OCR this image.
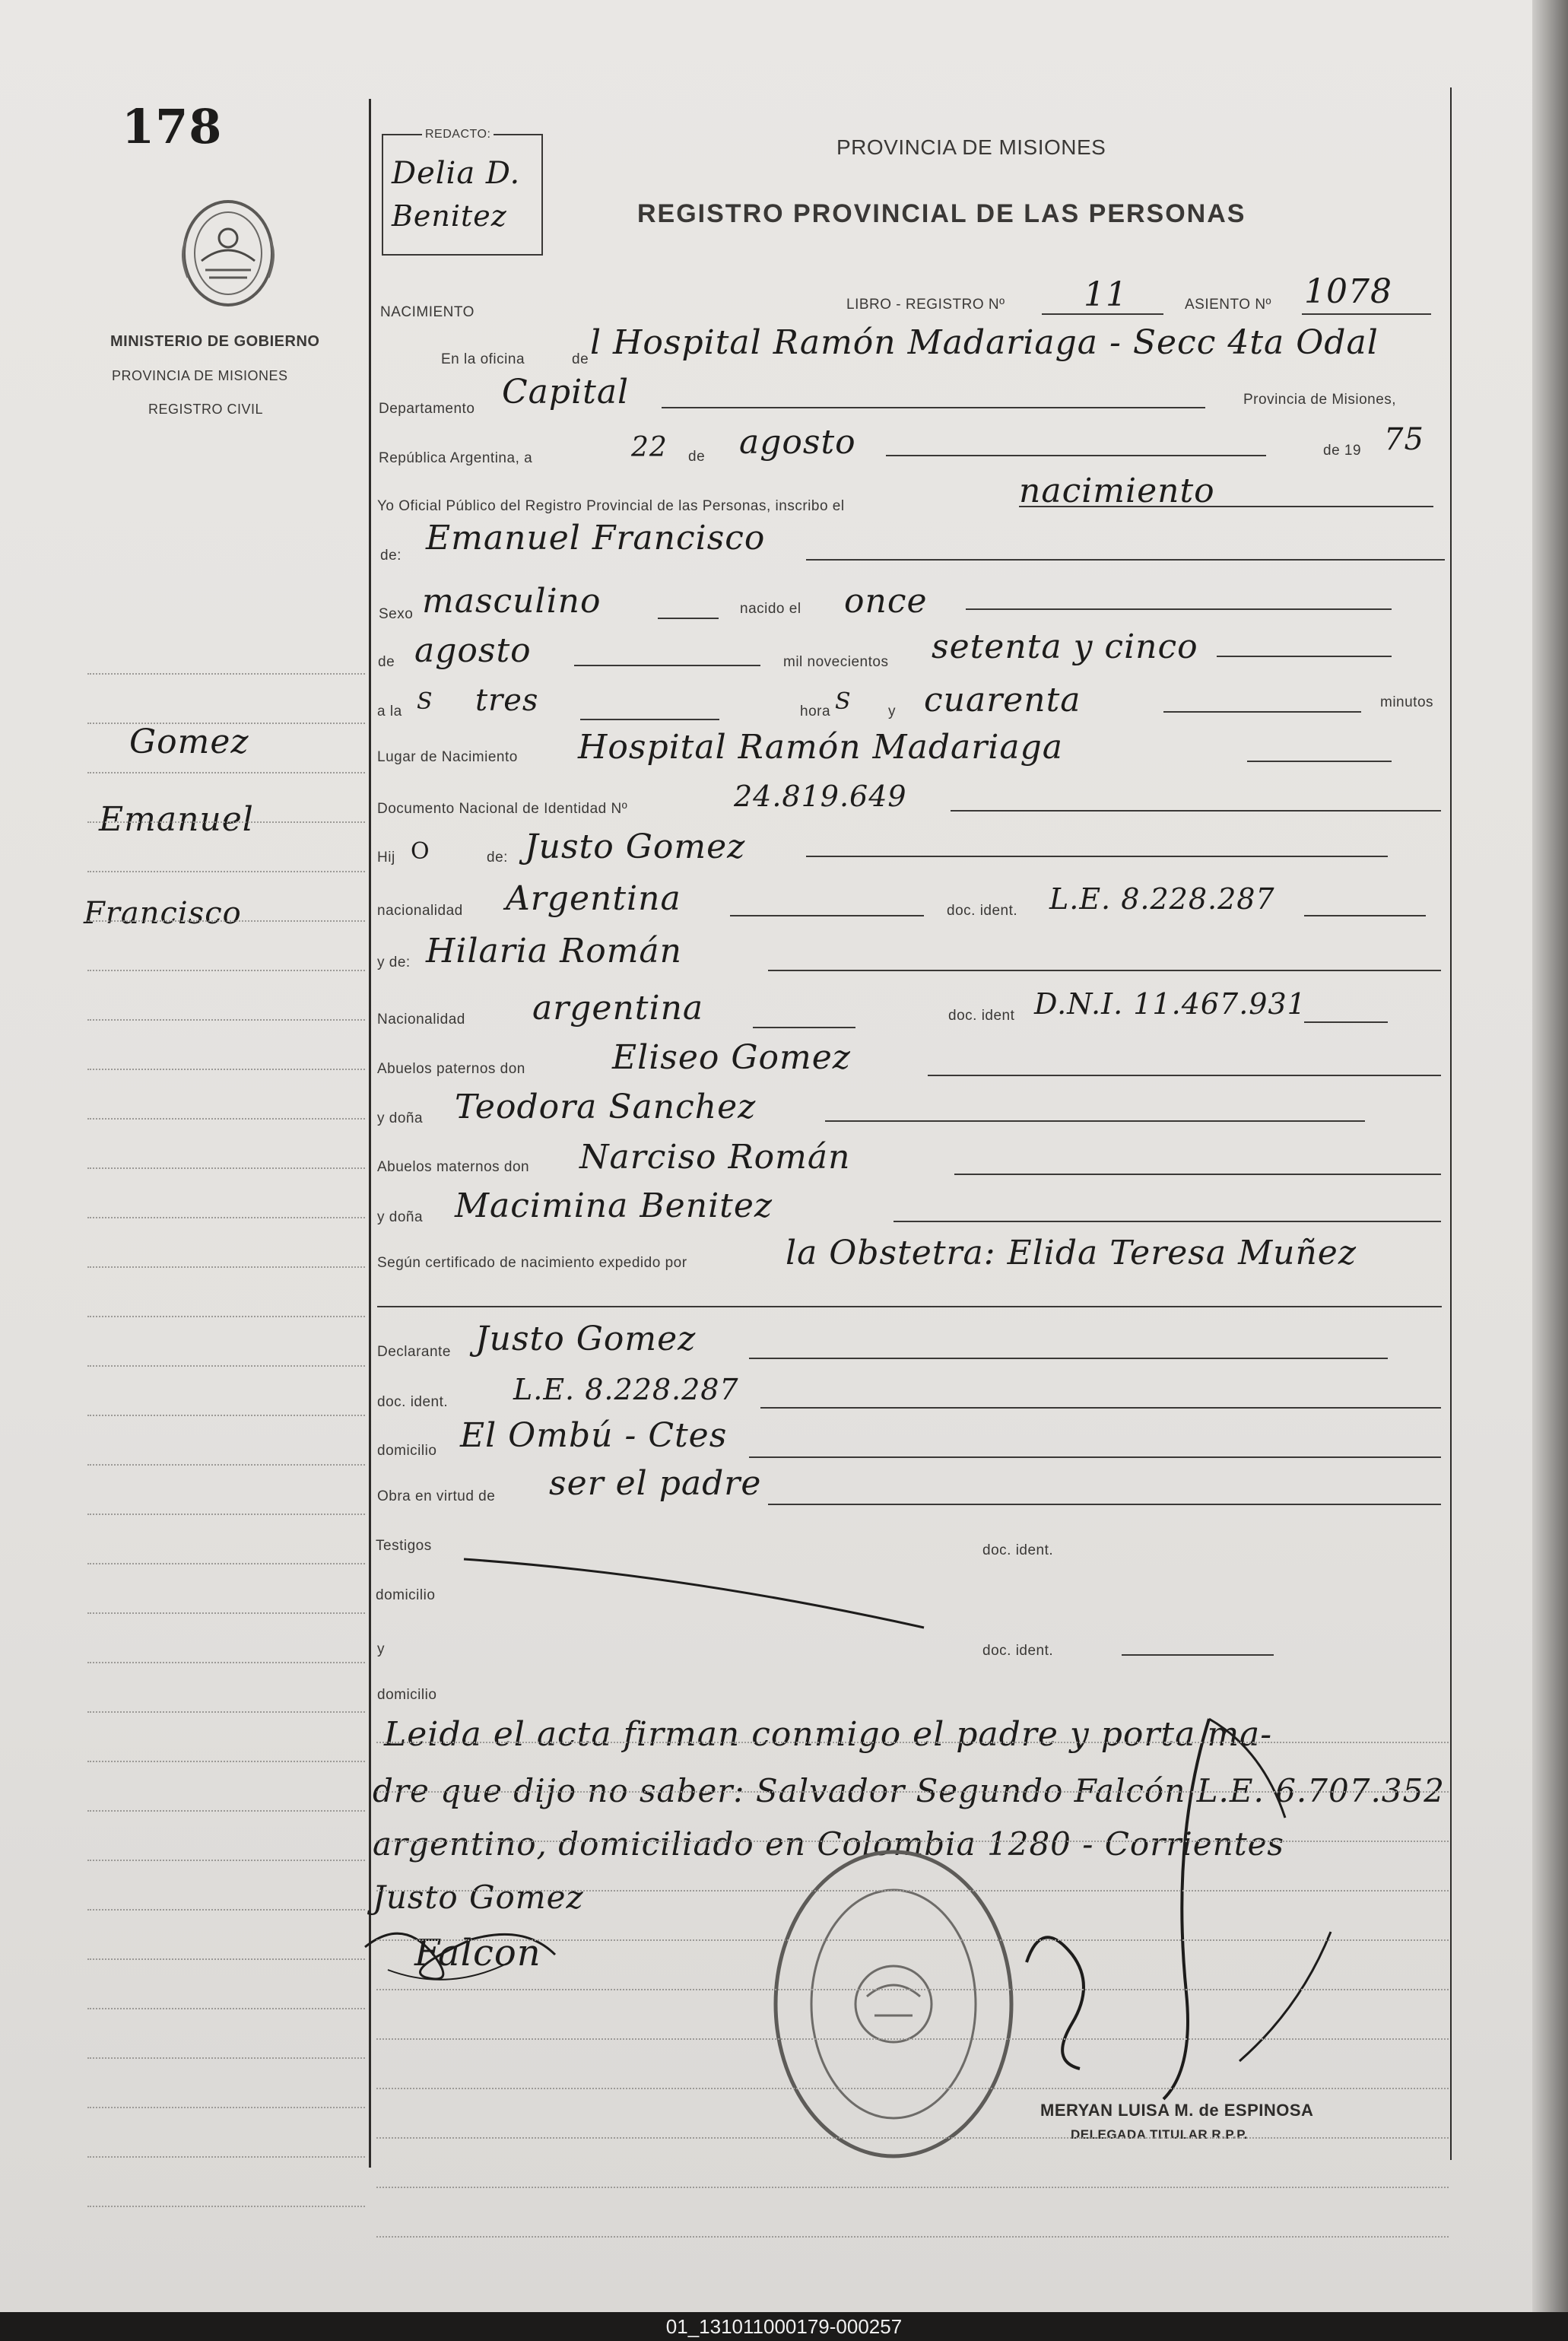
178
MINISTERIO DE GOBIERNO
PROVINCIA DE MISIONES
REGISTRO CIVIL
Gomez
Emanuel
Francisco
REDACTO:
Delia D.
Benitez
PROVINCIA DE MISIONES
REGISTRO PROVINCIAL DE LAS PERSONAS
NACIMIENTO	LIBRO - REGISTRO Nº 11	ASIENTO Nº 1078
En la oficina	de l Hospital Ramón Madariaga - Secc 4ta Odal
Departamento Capital	Provincia de Misiones,
República Argentina, a	22 de agosto	de 19 75
Yo Oficial Público del Registro Provincial de las Personas, inscribo el	nacimiento
de: Emanuel Francisco
Sexo masculino	nacido el once
de agosto	mil novecientos setenta y cinco
a la S tres	hora S	y cuarenta	minutos
Lugar de Nacimiento Hospital Ramón Madariaga
Documento Nacional de Identidad Nº	24.819.649
Hij O	de: Justo Gomez
nacionalidad Argentina	doc. ident. L.E. 8.228.287
y de: Hilaria Román
Nacionalidad argentina	doc. ident D.N.I. 11.467.931
Abuelos paternos don	Eliseo Gomez
y doña Teodora Sanchez
Abuelos maternos don Narciso Román
y doña Macimina Benitez
Según certificado de nacimiento expedido por	la Obstetra: Elida Teresa Muñez
Declarante Justo Gomez
doc. ident. L.E. 8.228.287
domicilio El Ombú - Ctes
Obra en virtud de ser el padre
Testigos	doc. ident.
domicilio
y	doc. ident.
domicilio
Leida el acta firman conmigo el padre y porta ma-
dre que dijo no saber: Salvador Segundo Falcón L.E. 6.707.352
argentino, domiciliado en Colombia 1280 - Corrientes
Justo Gomez
Falcon
MERYAN LUISA M. de ESPINOSA
DELEGADA TITULAR R.P.P.
01_131011000179-000257
